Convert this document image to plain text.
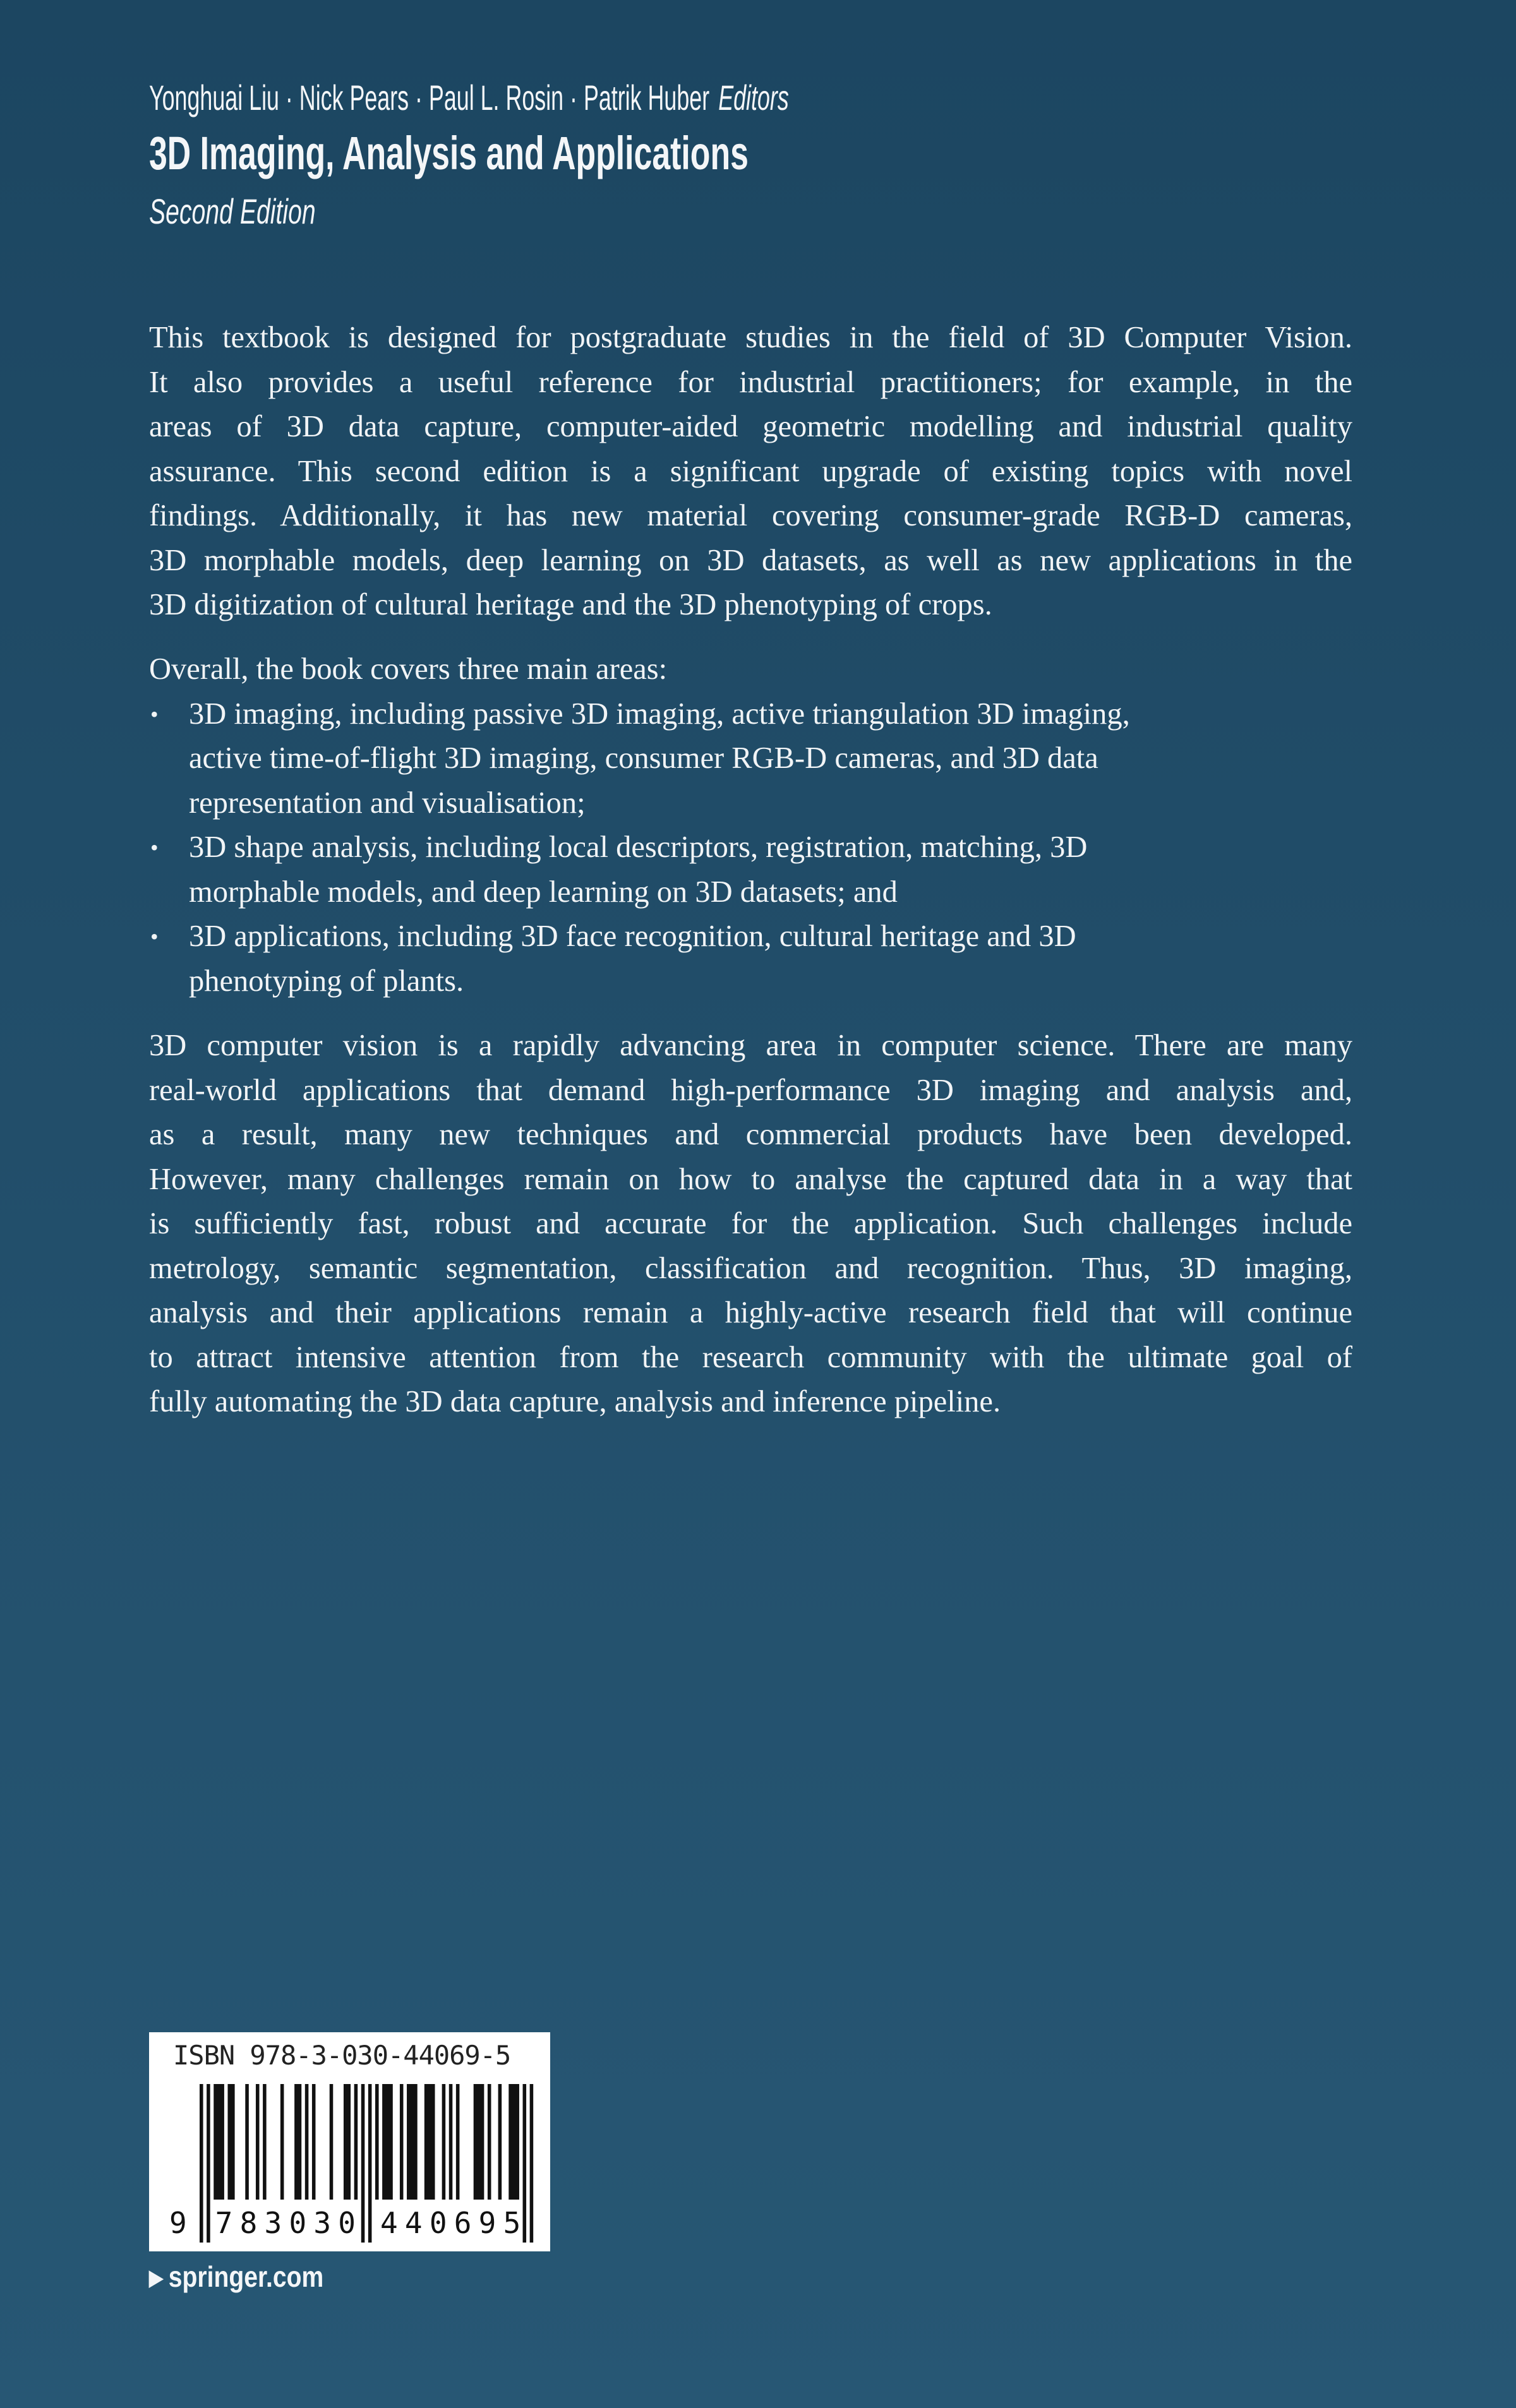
Yonghuai Liu · Nick Pears · Paul L. Rosin · Patrik Huber Editors
3D Imaging, Analysis and Applications
Second Edition
This textbook is designed for postgraduate studies in the field of 3D Computer Vision.
It also provides a useful reference for industrial practitioners; for example, in the
areas of 3D data capture, computer-aided geometric modelling and industrial quality
assurance. This second edition is a significant upgrade of existing topics with novel
findings. Additionally, it has new material covering consumer-grade RGB-D cameras,
3D morphable models, deep learning on 3D datasets, as well as new applications in the
3D digitization of cultural heritage and the 3D phenotyping of crops.
Overall, the book covers three main areas:
• 3D imaging, including passive 3D imaging, active triangulation 3D imaging,
active time-of-flight 3D imaging, consumer RGB-D cameras, and 3D data
representation and visualisation;
• 3D shape analysis, including local descriptors, registration, matching, 3D
morphable models, and deep learning on 3D datasets; and
• 3D applications, including 3D face recognition, cultural heritage and 3D
phenotyping of plants.
3D computer vision is a rapidly advancing area in computer science. There are many
real-world applications that demand high-performance 3D imaging and analysis and,
as a result, many new techniques and commercial products have been developed.
However, many challenges remain on how to analyse the captured data in a way that
is sufficiently fast, robust and accurate for the application. Such challenges include
metrology, semantic segmentation, classification and recognition. Thus, 3D imaging,
analysis and their applications remain a highly-active research field that will continue
to attract intensive attention from the research community with the ultimate goal of
fully automating the 3D data capture, analysis and inference pipeline.
ISBN 978-3-030-44069-5
9 7 8 3 0 3 0 4 4 0 6 9 5
▶ springer.com
